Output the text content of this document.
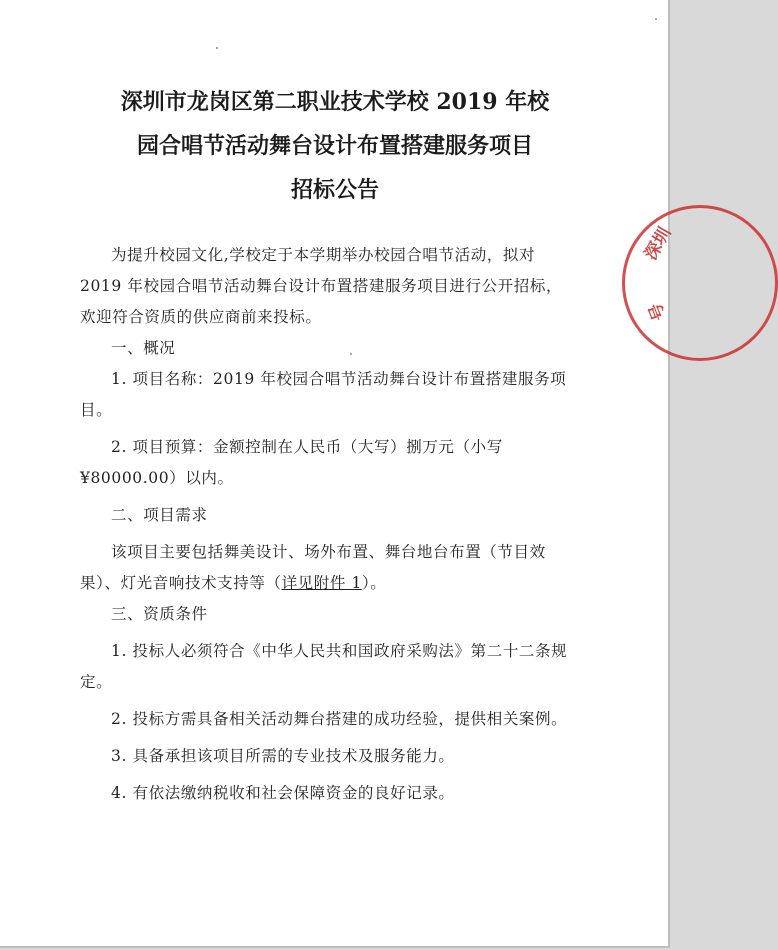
深圳市龙岗区第二职业技术学校 2019 年校
园合唱节活动舞台设计布置搭建服务项目
招标公告
深圳
号

为提升校园文化,学校定于本学期举办校园合唱节活动，拟对 2019 年校园合唱节活动舞台设计布置搭建服务项目进行公开招标，欢迎符合资质的供应商前来投标。

一、概况

1. 项目名称：2019 年校园合唱节活动舞台设计布置搭建服务项目。

2. 项目预算：金额控制在人民币（大写）捌万元（小写¥80000.00）以内。

二、项目需求

该项目主要包括舞美设计、场外布置、舞台地台布置（节目效果）、灯光音响技术支持等（详见附件 1）。

三、资质条件

1. 投标人必须符合《中华人民共和国政府采购法》第二十二条规定。

2. 投标方需具备相关活动舞台搭建的成功经验，提供相关案例。

3. 具备承担该项目所需的专业技术及服务能力。

4. 有依法缴纳税收和社会保障资金的良好记录。
